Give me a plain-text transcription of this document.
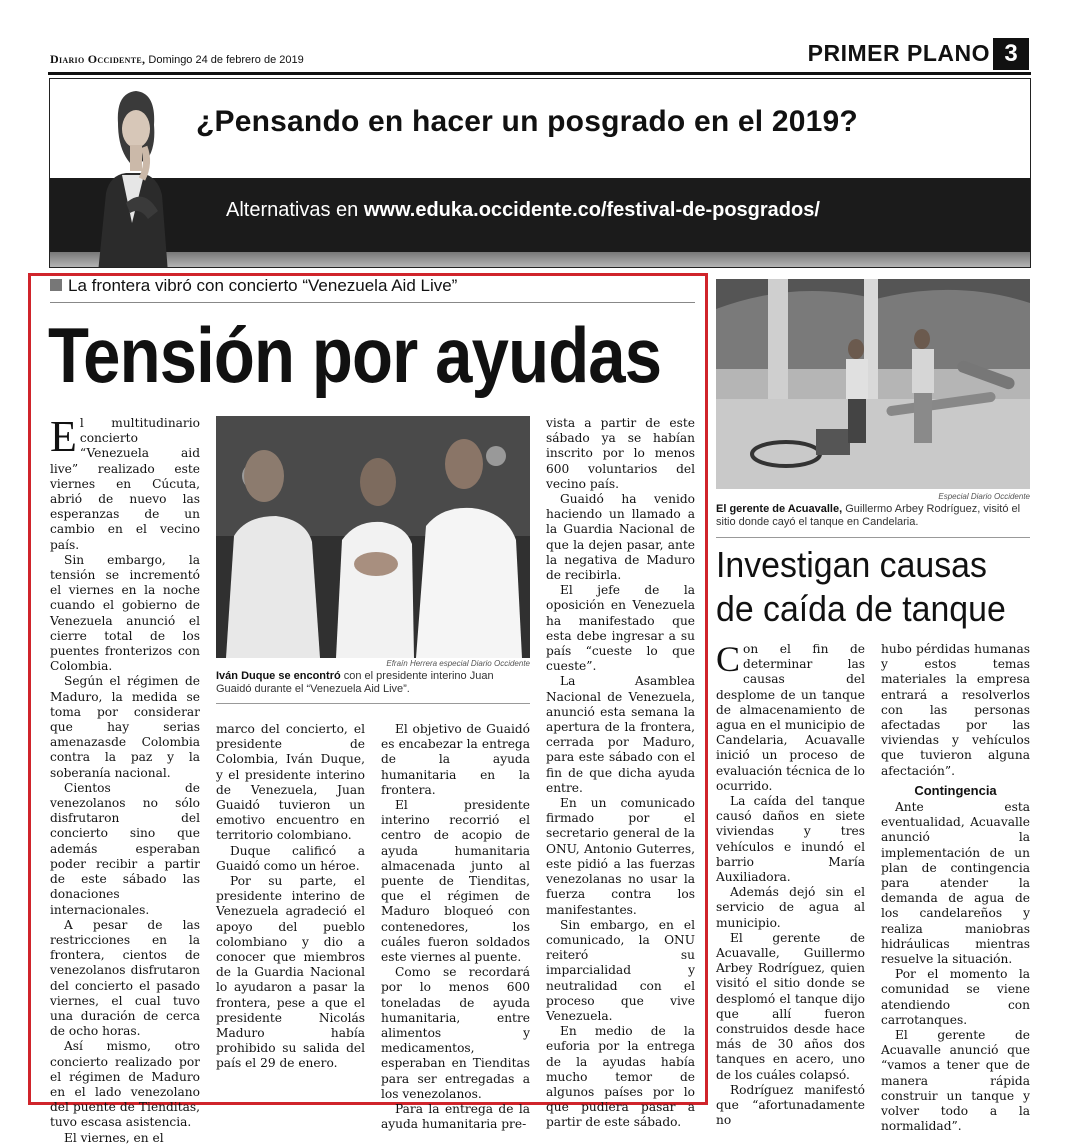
Diario Occidente, Domingo 24 de febrero de 2019	PRIMER PLANO 3
¿Pensando en hacer un posgrado en el 2019?
Alternativas en www.eduka.occidente.co/festival-de-posgrados/
La frontera vibró con concierto “Venezuela Aid Live”
Tensión por ayudas

El multitudinario concierto “Venezuela aid live” realizado este viernes en Cúcuta, abrió de nuevo las esperanzas de un cambio en el vecino país.

Sin embargo, la tensión se incrementó el viernes en la noche cuando el gobierno de Venezuela anunció el cierre total de los puentes fronterizos con Colombia.

Según el régimen de Maduro, la medida se toma por considerar que hay serias amenazasde Colombia contra la paz y la soberanía nacional.

Cientos de venezolanos no sólo disfrutaron del concierto sino que además esperaban poder recibir a partir de este sábado las donaciones internacionales.

A pesar de las restricciones en la frontera, cientos de venezolanos disfrutaron del concierto el pasado viernes, el cual tuvo una duración de cerca de ocho horas.

Así mismo, otro concierto realizado por el régimen de Maduro en el lado venezolano del puente de Tienditas, tuvo escasa asistencia.

El viernes, en el

Efraín Herrera especial Diario Occidente
Iván Duque se encontró con el presidente interino Juan Guaidó durante el “Venezuela Aid Live”.

marco del concierto, el presidente de Colombia, Iván Duque, y el presidente interino de Venezuela, Juan Guaidó tuvieron un emotivo encuentro en territorio colombiano.

Duque calificó a Guaidó como un héroe.

Por su parte, el presidente interino de Venezuela agradeció el apoyo del pueblo colombiano y dio a conocer que miembros de la Guardia Nacional lo ayudaron a pasar la frontera, pese a que el presidente Nicolás Maduro había prohibido su salida del país el 29 de enero.

El objetivo de Guaidó es encabezar la entrega de la ayuda humanitaria en la frontera.

El presidente interino recorrió el centro de acopio de ayuda humanitaria almacenada junto al puente de Tienditas, que el régimen de Maduro bloqueó con contenedores, los cuáles fueron soldados este viernes al puente.

Como se recordará por lo menos 600 toneladas de ayuda humanitaria, entre alimentos y medicamentos, esperaban en Tienditas para ser entregadas a los venezolanos.

Para la entrega de la ayuda humanitaria pre-

vista a partir de este sábado ya se habían inscrito por lo menos 600 voluntarios del vecino país.

Guaidó ha venido haciendo un llamado a la Guardia Nacional de que la dejen pasar, ante la negativa de Maduro de recibirla.

El jefe de la oposición en Venezuela ha manifestado que esta debe ingresar a su país “cueste lo que cueste”.

La Asamblea Nacional de Venezuela, anunció esta semana la apertura de la frontera, cerrada por Maduro, para este sábado con el fin de que dicha ayuda entre.

En un comunicado firmado por el secretario general de la ONU, Antonio Guterres, este pidió a las fuerzas venezolanas no usar la fuerza contra los manifestantes.

Sin embargo, en el comunicado, la ONU reiteró su imparcialidad y neutralidad con el proceso que vive Venezuela.

En medio de la euforia por la entrega de la ayudas había mucho temor de algunos países por lo que pudiera pasar a partir de este sábado.

Especial Diario Occidente
El gerente de Acuavalle, Guillermo Arbey Rodríguez, visitó el sitio donde cayó el tanque en Candelaria.
Investigan causas
de caída de tanque

Con el fin de determinar las causas del desplome de un tanque de almacenamiento de agua en el municipio de Candelaria, Acuavalle inició un proceso de evaluación técnica de lo ocurrido.

La caída del tanque causó daños en siete viviendas y tres vehículos e inundó el barrio María Auxiliadora.

Además dejó sin el servicio de agua al municipio.

El gerente de Acuavalle, Guillermo Arbey Rodríguez, quien visitó el sitio donde se desplomó el tanque dijo que allí fueron construidos desde hace más de 30 años dos tanques en acero, uno de los cuáles colapsó.

Rodríguez manifestó que “afortunadamente no

hubo pérdidas humanas y estos temas materiales la empresa entrará a resolverlos con las personas afectadas por las viviendas y vehículos que tuvieron alguna afectación”.

Contingencia

Ante esta eventualidad, Acuavalle anunció la implementación de un plan de contingencia para atender la demanda de agua de los candelareños y realiza maniobras hidráulicas mientras resuelve la situación.

Por el momento la comunidad se viene atendiendo con carrotanques.

El gerente de Acuavalle anunció que “vamos a tener que de manera rápida construir un tanque y volver todo a la normalidad”.
